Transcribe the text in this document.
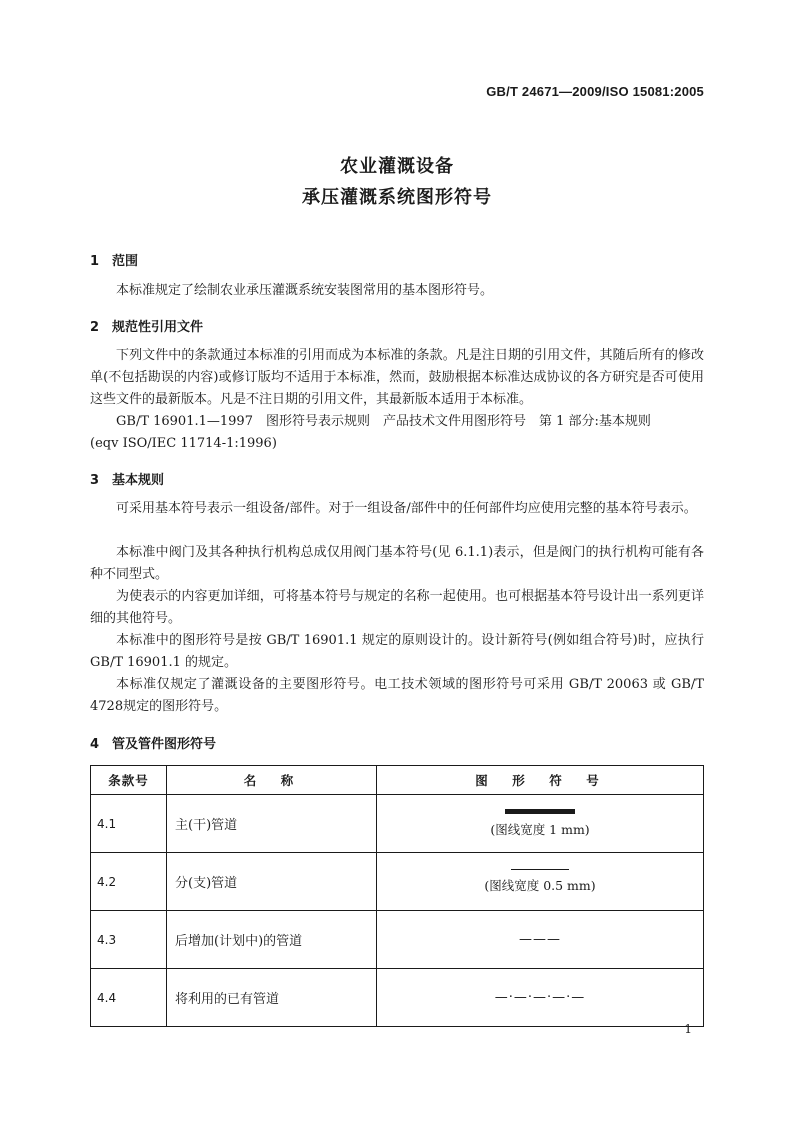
GB/T 24671—2009/ISO 15081:2005
农业灌溉设备
承压灌溉系统图形符号
1 范围

本标准规定了绘制农业承压灌溉系统安装图常用的基本图形符号。

2 规范性引用文件

下列文件中的条款通过本标准的引用而成为本标准的条款。凡是注日期的引用文件，其随后所有的修改单(不包括勘误的内容)或修订版均不适用于本标准，然而，鼓励根据本标准达成协议的各方研究是否可使用这些文件的最新版本。凡是不注日期的引用文件，其最新版本适用于本标准。

GB/T 16901.1—1997　图形符号表示规则　产品技术文件用图形符号　第 1 部分:基本规则
(eqv ISO/IEC 11714-1:1996)
3 基本规则

可采用基本符号表示一组设备/部件。对于一组设备/部件中的任何部件均应使用完整的基本符号表示。

本标准中阀门及其各种执行机构总成仅用阀门基本符号(见 6.1.1)表示，但是阀门的执行机构可能有各种不同型式。

为使表示的内容更加详细，可将基本符号与规定的名称一起使用。也可根据基本符号设计出一系列更详细的其他符号。

本标准中的图形符号是按 GB/T 16901.1 规定的原则设计的。设计新符号(例如组合符号)时，应执行 GB/T 16901.1 的规定。

本标准仅规定了灌溉设备的主要图形符号。电工技术领域的图形符号可采用 GB/T 20063 或 GB/T 4728规定的图形符号。

4 管及管件图形符号
条款号	名　称	图　形　符　号
4.1	主(干)管道	(图线宽度 1 mm)
4.2	分(支)管道	(图线宽度 0.5 mm)
4.3	后增加(计划中)的管道	———
4.4	将利用的已有管道	—·—·—·—·—
1
